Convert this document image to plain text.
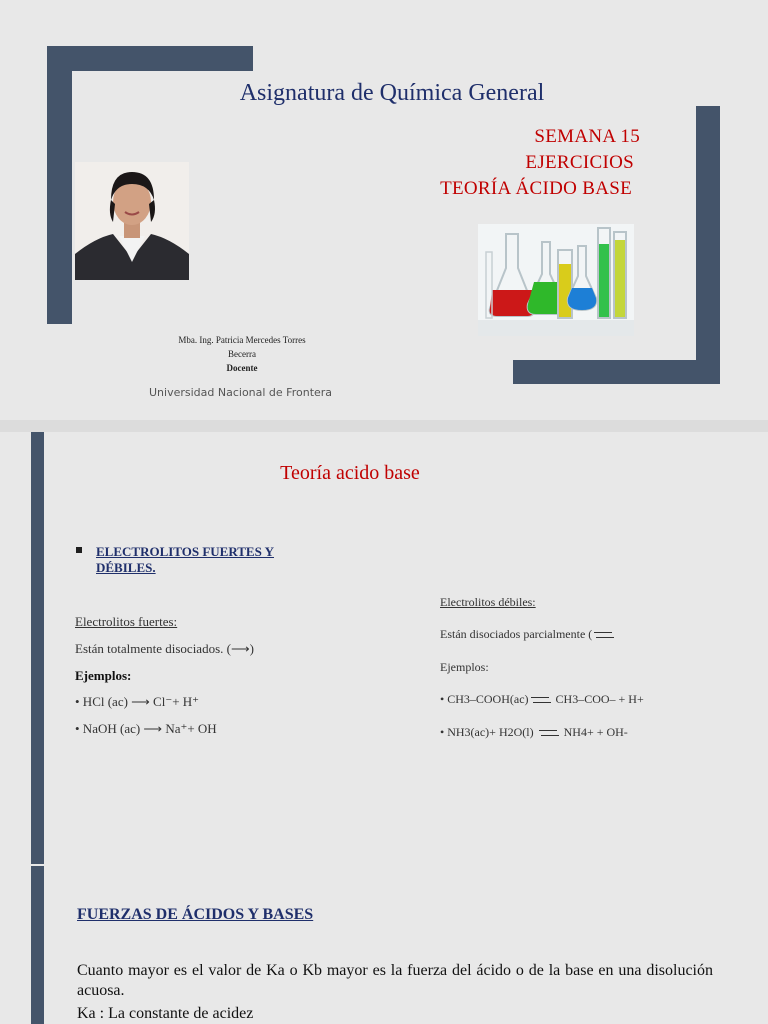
Asignatura de Química General
SEMANA 15
EJERCICIOS
TEORÍA ÁCIDO BASE
Mba. Ing. Patricia Mercedes Torres
Becerra
Docente
Universidad Nacional de Frontera
Teoría acido base
ELECTROLITOS FUERTES Y DÉBILES.
Electrolitos fuertes:
Están totalmente disociados. (⟶)
Ejemplos:
• HCl (ac) ⟶ Cl⁻+ H⁺
• NaOH (ac) ⟶ Na⁺+ OH
Electrolitos débiles:
Están disociados parcialmente (
Ejemplos:
• CH3–COOH(ac) CH3–COO– + H+
• NH3(ac)+ H2O(l)	NH4+ + OH-
FUERZAS DE ÁCIDOS Y BASES
Cuanto mayor es el valor de Ka o Kb mayor es la fuerza del ácido o de la base en una disolución acuosa.
Ka : La constante de acidez
